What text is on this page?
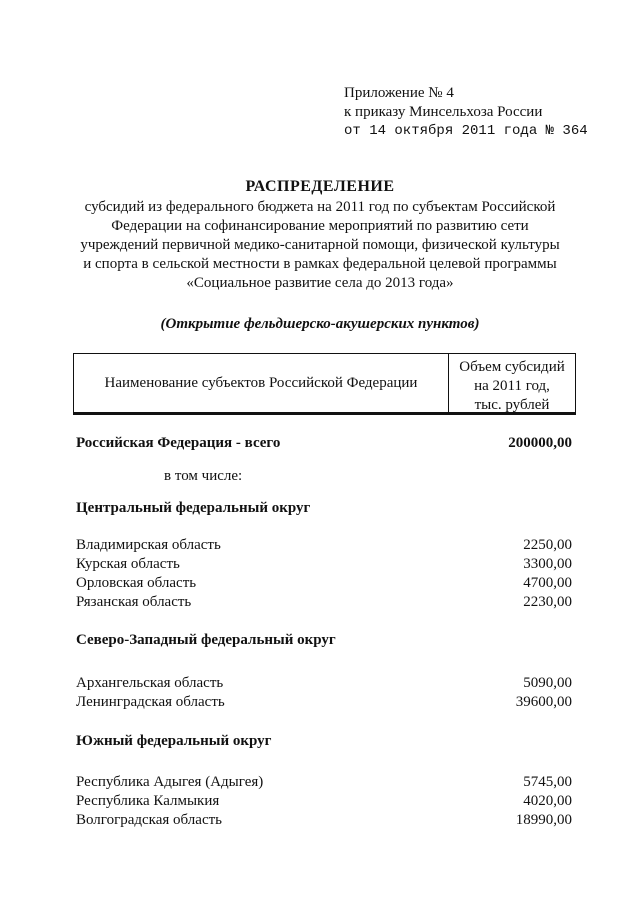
Приложение № 4
к приказу Минсельхоза России
от 14 октября 2011 года № 364
РАСПРЕДЕЛЕНИЕ
субсидий из федерального бюджета на 2011 год по субъектам Российской
Федерации на софинансирование мероприятий по развитию сети
учреждений первичной медико-санитарной помощи, физической культуры
и спорта в сельской местности в рамках федеральной целевой программы
«Социальное развитие села до 2013 года»
(Открытие фельдшерско-акушерских пунктов)
Наименование субъектов Российской Федерации
Объем субсидий
на 2011 год,
тыс. рублей
Российская Федерация - всего	200000,00
в том числе:
Центральный федеральный округ
Владимирская область	2250,00
Курская область	3300,00
Орловская область	4700,00
Рязанская область	2230,00
Северо-Западный федеральный округ
Архангельская область	5090,00
Ленинградская область	39600,00
Южный федеральный округ
Республика Адыгея (Адыгея)	5745,00
Республика Калмыкия	4020,00
Волгоградская область	18990,00
